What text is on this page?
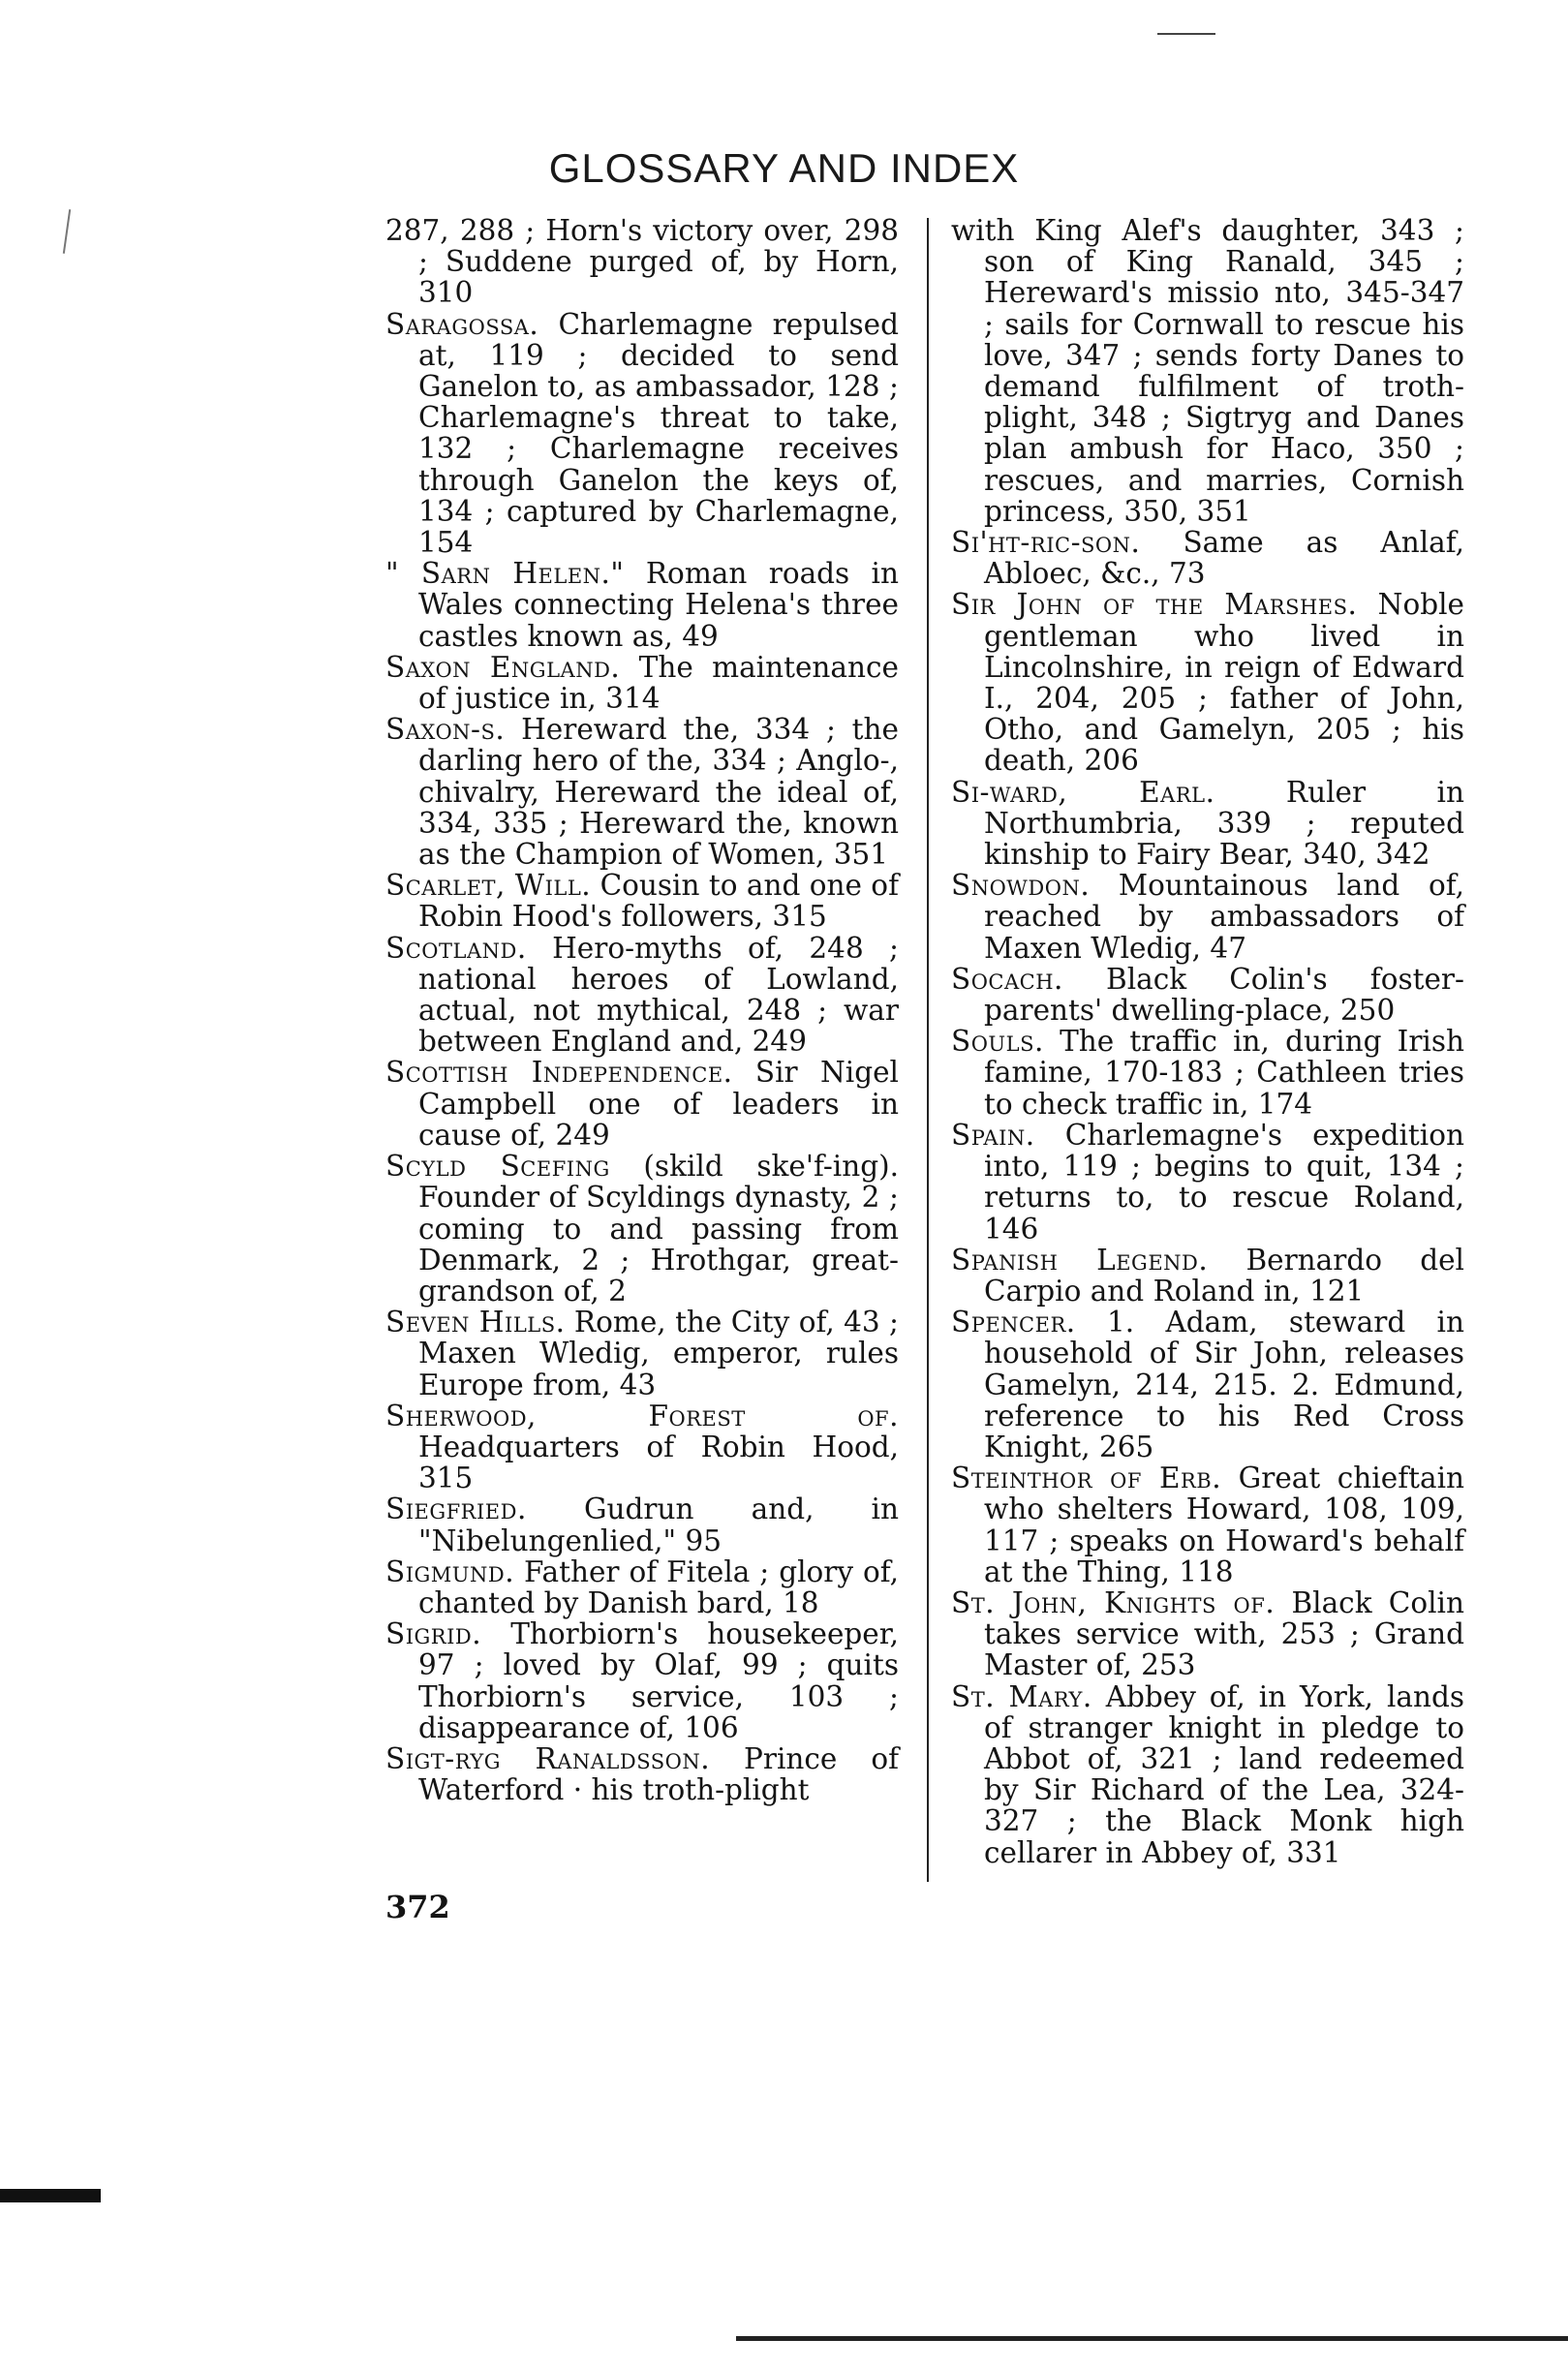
GLOSSARY AND INDEX

287, 288 ; Horn's victory over, 298 ; Suddene purged of, by Horn, 310

Saragossa. Charlemagne repulsed at, 119 ; decided to send Ganelon to, as ambassador, 128 ; Charlemagne's threat to take, 132 ; Charlemagne receives through Ganelon the keys of, 134 ; captured by Charlemagne, 154

" Sarn Helen." Roman roads in Wales connecting Helena's three castles known as, 49

Saxon England. The maintenance of justice in, 314

Saxon-s. Hereward the, 334 ; the darling hero of the, 334 ; Anglo-, chivalry, Hereward the ideal of, 334, 335 ; Hereward the, known as the Champion of Women, 351

Scarlet, Will. Cousin to and one of Robin Hood's followers, 315

Scotland. Hero-myths of, 248 ; national heroes of Lowland, actual, not mythical, 248 ; war between England and, 249

Scottish Independence. Sir Nigel Campbell one of leaders in cause of, 249

Scyld Scefing (skild ske'f-ing). Founder of Scyldings dynasty, 2 ; coming to and passing from Denmark, 2 ; Hrothgar, great-grandson of, 2

Seven Hills. Rome, the City of, 43 ; Maxen Wledig, emperor, rules Europe from, 43

Sherwood, Forest of. Headquarters of Robin Hood, 315

Siegfried. Gudrun and, in "Nibelungenlied," 95

Sigmund. Father of Fitela ; glory of, chanted by Danish bard, 18

Sigrid. Thorbiorn's housekeeper, 97 ; loved by Olaf, 99 ; quits Thorbiorn's service, 103 ; disappearance of, 106

Sigt-ryg Ranaldsson. Prince of Waterford · his troth-plight

with King Alef's daughter, 343 ; son of King Ranald, 345 ; Hereward's missio nto, 345-347 ; sails for Cornwall to rescue his love, 347 ; sends forty Danes to demand fulfilment of troth-plight, 348 ; Sigtryg and Danes plan ambush for Haco, 350 ; rescues, and marries, Cornish princess, 350, 351

Si'ht-ric-son. Same as Anlaf, Abloec, &c., 73

Sir John of the Marshes. Noble gentleman who lived in Lincolnshire, in reign of Edward I., 204, 205 ; father of John, Otho, and Gamelyn, 205 ; his death, 206

Si-ward, Earl. Ruler in Northumbria, 339 ; reputed kinship to Fairy Bear, 340, 342

Snowdon. Mountainous land of, reached by ambassadors of Maxen Wledig, 47

Socach. Black Colin's foster-parents' dwelling-place, 250

Souls. The traffic in, during Irish famine, 170-183 ; Cathleen tries to check traffic in, 174

Spain. Charlemagne's expedition into, 119 ; begins to quit, 134 ; returns to, to rescue Roland, 146

Spanish Legend. Bernardo del Carpio and Roland in, 121

Spencer. 1. Adam, steward in household of Sir John, releases Gamelyn, 214, 215. 2. Edmund, reference to his Red Cross Knight, 265

Steinthor of Erb. Great chieftain who shelters Howard, 108, 109, 117 ; speaks on Howard's behalf at the Thing, 118

St. John, Knights of. Black Colin takes service with, 253 ; Grand Master of, 253

St. Mary. Abbey of, in York, lands of stranger knight in pledge to Abbot of, 321 ; land redeemed by Sir Richard of the Lea, 324-327 ; the Black Monk high cellarer in Abbey of, 331

372
